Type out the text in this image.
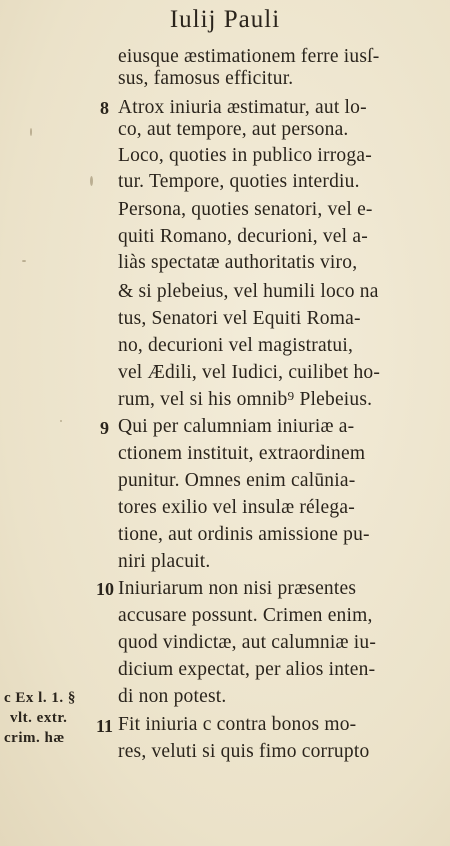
Iulij Pauli
eiusque æstimationem ferre iusſ-
sus, famosus efficitur.
8 Atrox iniuria æstimatur, aut lo-
co, aut tempore, aut personа.
Loco, quoties in publico irroga-
tur. Tempore, quoties interdiu.
Persona, quoties senatori, vel e-
quiti Romano, decurioni, vel a-
liàs spectatæ authoritatis viro,
& si plebeius, vel humili loco na
tus, Senatori vel Equiti Roma-
no, decurioni vel magistratui,
vel Ædili, vel Iudici, cuilibet ho-
rum, vel si his omnib⁹ Plebeius.
9 Qui per calumniam iniuriæ a-
ctionem instituit, extraordinem
punitur. Omnes enim calūnia-
tores exilio vel insulæ rélega-
tione, aut ordinis amissione pu-
niri placuit.
10 Iniuriarum non nisi præsentes
accusare possunt. Crimen enim,
quod vindictæ, aut calumniæ iu-
dicium expectat, per alios inten-
di non potest.
11 Fit iniuria c contra bonos mo-
res, veluti si quis fimo corrupto
c Ex l. 1. §
vlt. extr.
crim. hæ
